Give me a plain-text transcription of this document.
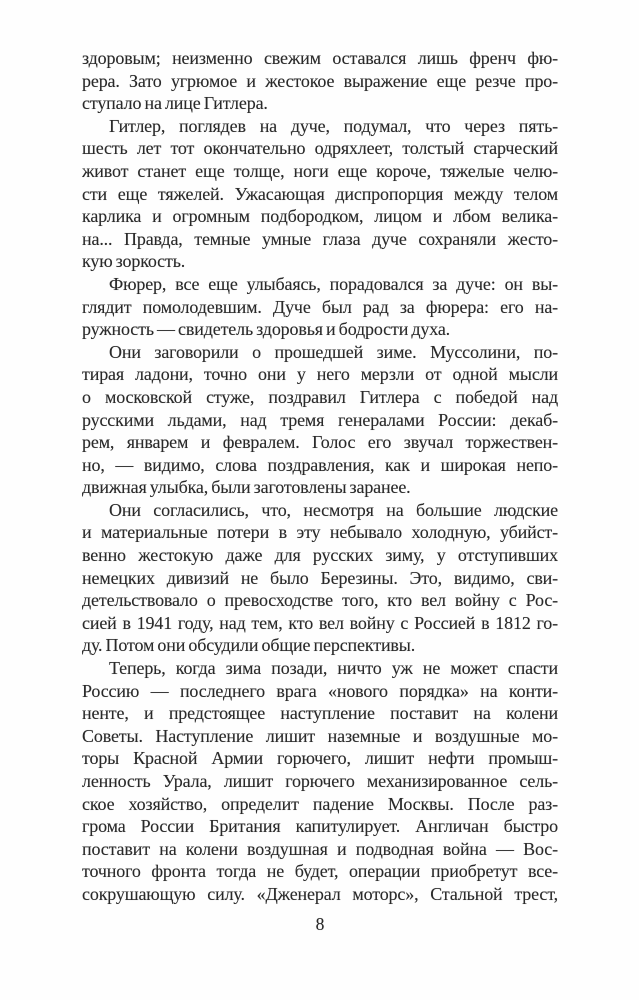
здоровым; неизменно свежим оставался лишь френч фю-
рера. Зато угрюмое и жестокое выражение еще резче про-
ступало на лице Гитлера.
Гитлер, поглядев на дуче, подумал, что через пять-
шесть лет тот окончательно одряхлеет, толстый старческий
живот станет еще толще, ноги еще короче, тяжелые челю-
сти еще тяжелей. Ужасающая диспропорция между телом
карлика и огромным подбородком, лицом и лбом велика-
на... Правда, темные умные глаза дуче сохраняли жесто-
кую зоркость.
Фюрер, все еще улыбаясь, порадовался за дуче: он вы-
глядит помолодевшим. Дуче был рад за фюрера: его на-
ружность — свидетель здоровья и бодрости духа.
Они заговорили о прошедшей зиме. Муссолини, по-
тирая ладони, точно они у него мерзли от одной мысли
о московской стуже, поздравил Гитлера с победой над
русскими льдами, над тремя генералами России: декаб-
рем, январем и февралем. Голос его звучал торжествен-
но, — видимо, слова поздравления, как и широкая непо-
движная улыбка, были заготовлены заранее.
Они согласились, что, несмотря на большие людские
и материальные потери в эту небывало холодную, убийст-
венно жестокую даже для русских зиму, у отступивших
немецких дивизий не было Березины. Это, видимо, сви-
детельствовало о превосходстве того, кто вел войну с Рос-
сией в 1941 году, над тем, кто вел войну с Россией в 1812 го-
ду. Потом они обсудили общие перспективы.
Теперь, когда зима позади, ничто уж не может спасти
Россию — последнего врага «нового порядка» на конти-
ненте, и предстоящее наступление поставит на колени
Советы. Наступление лишит наземные и воздушные мо-
торы Красной Армии горючего, лишит нефти промыш-
ленность Урала, лишит горючего механизированное сель-
ское хозяйство, определит падение Москвы. После раз-
грома России Британия капитулирует. Англичан быстро
поставит на колени воздушная и подводная война — Вос-
точного фронта тогда не будет, операции приобретут все-
сокрушающую силу. «Дженерал моторс», Стальной трест,
8
